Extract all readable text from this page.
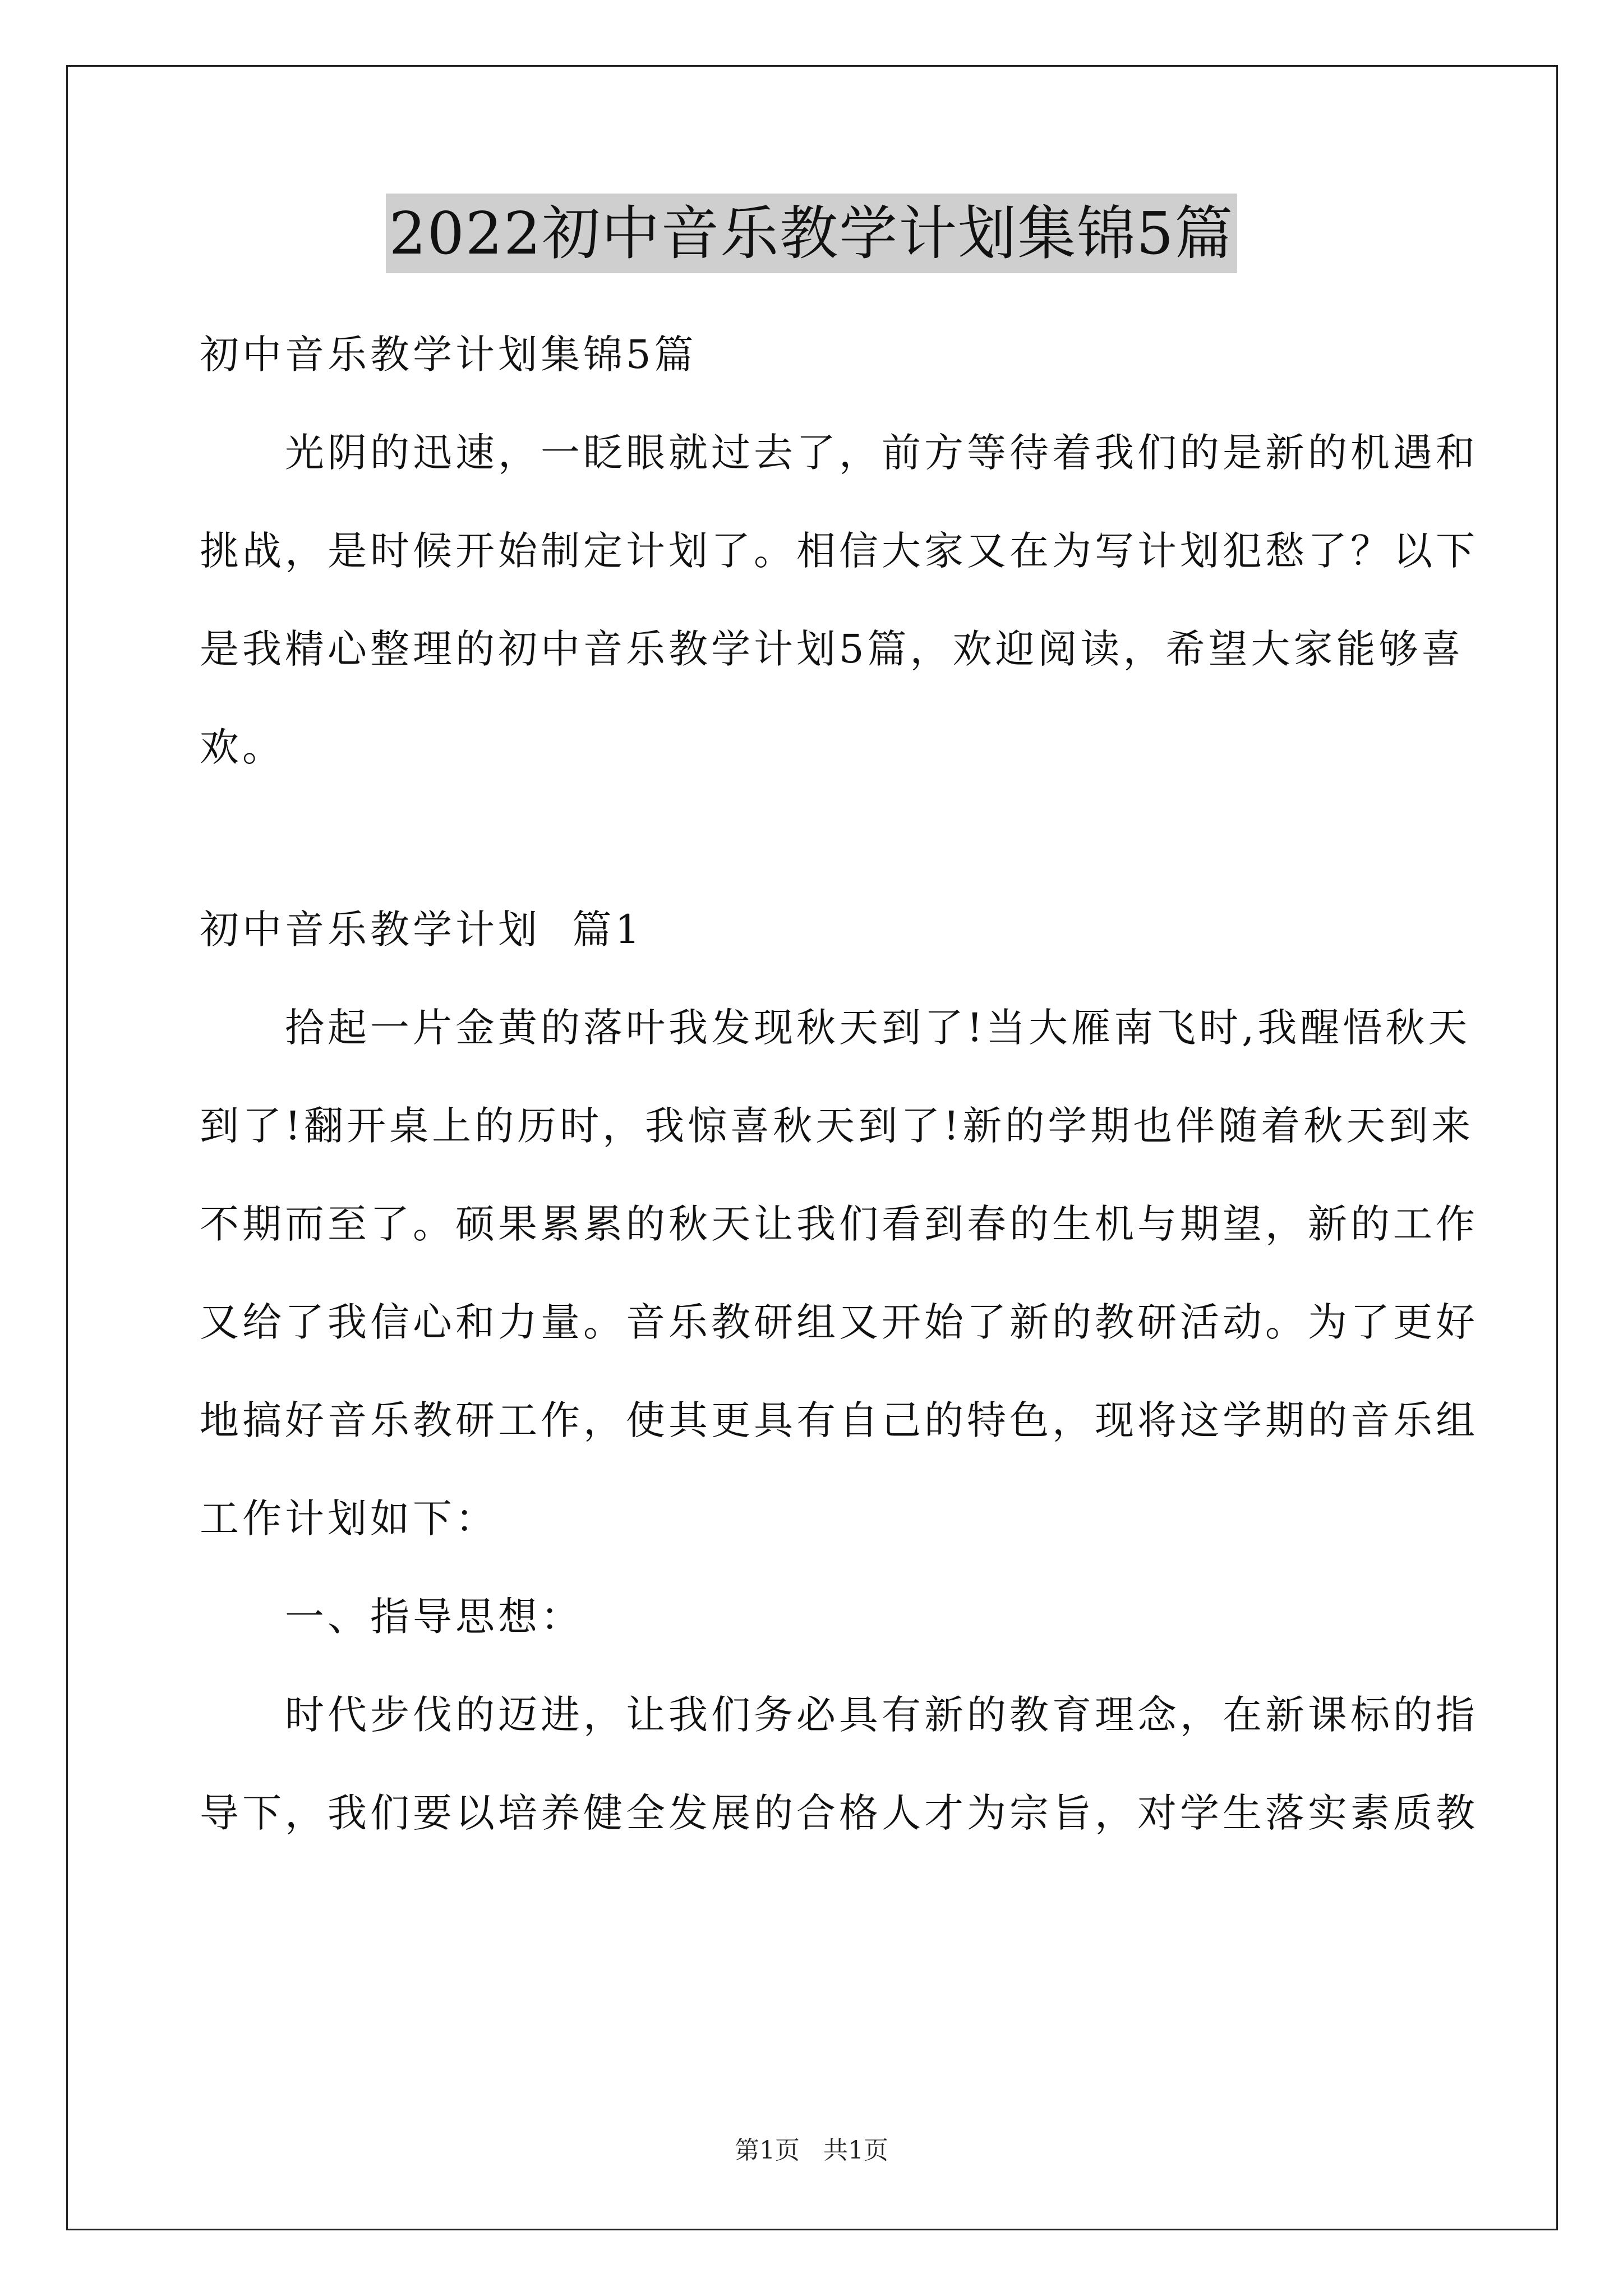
2022初中音乐教学计划集锦5篇
初中音乐教学计划集锦5篇
光阴的迅速，一眨眼就过去了，前方等待着我们的是新的机遇和
挑战，是时候开始制定计划了。相信大家又在为写计划犯愁了？以下
是我精心整理的初中音乐教学计划5篇，欢迎阅读，希望大家能够喜
欢。
初中音乐教学计划  篇1
拾起一片金黄的落叶我发现秋天到了!当大雁南飞时,我醒悟秋天
到了!翻开桌上的历时，我惊喜秋天到了!新的学期也伴随着秋天到来
不期而至了。硕果累累的秋天让我们看到春的生机与期望，新的工作
又给了我信心和力量。音乐教研组又开始了新的教研活动。为了更好
地搞好音乐教研工作，使其更具有自己的特色，现将这学期的音乐组
工作计划如下：
一、指导思想：
时代步伐的迈进，让我们务必具有新的教育理念，在新课标的指
导下，我们要以培养健全发展的合格人才为宗旨，对学生落实素质教
第1页   共1页
